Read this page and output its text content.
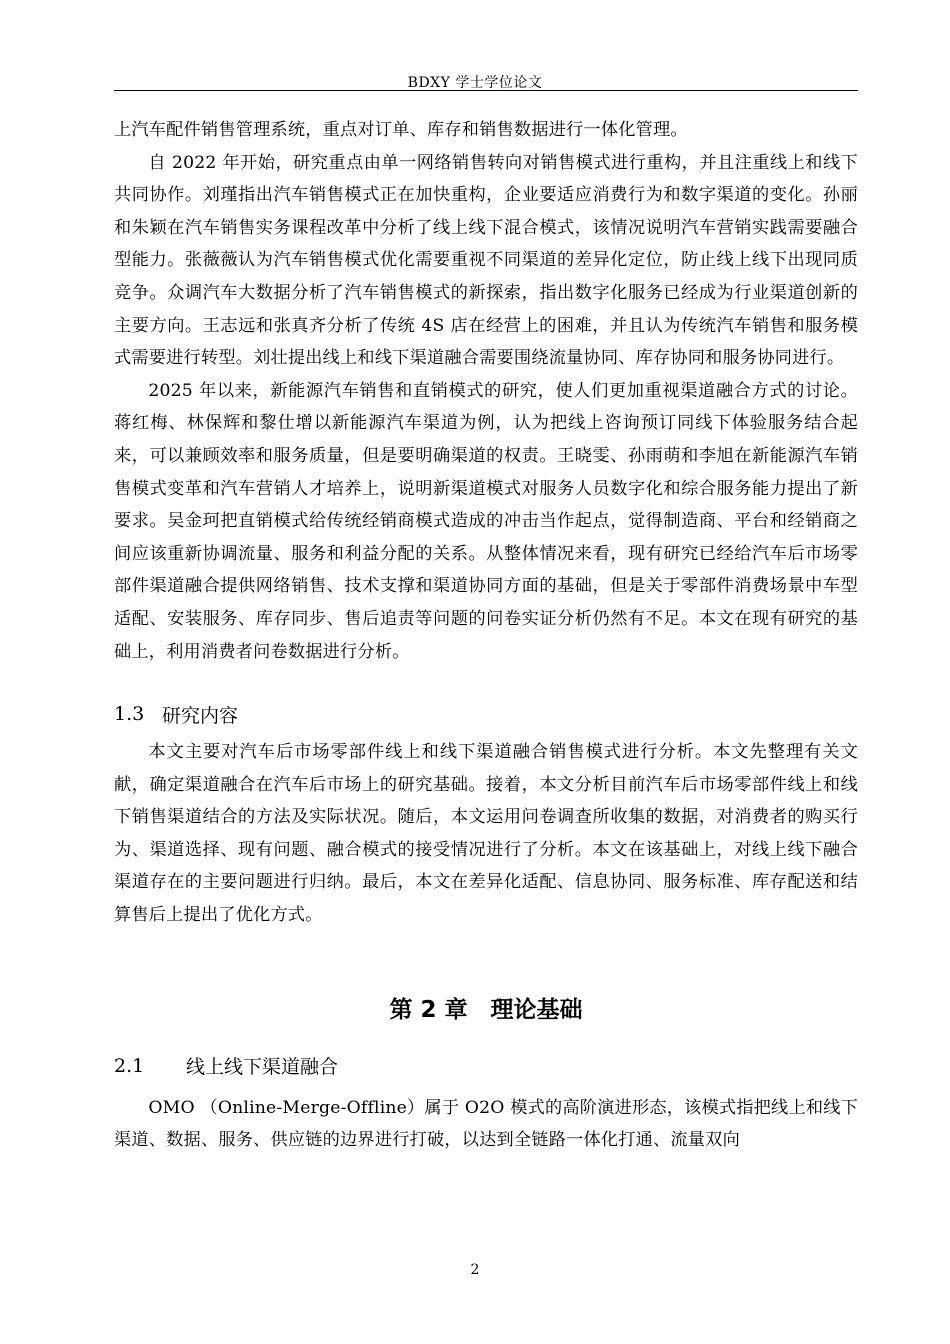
BDXY 学士学位论文

上汽车配件销售管理系统，重点对订单、库存和销售数据进行一体化管理。

自 2022 年开始，研究重点由单一网络销售转向对销售模式进行重构，并且注重线上和线下共同协作。刘瑾指出汽车销售模式正在加快重构，企业要适应消费行为和数字渠道的变化。孙丽和朱颖在汽车销售实务课程改革中分析了线上线下混合模式，该情况说明汽车营销实践需要融合型能力。张薇薇认为汽车销售模式优化需要重视不同渠道的差异化定位，防止线上线下出现同质竞争。众调汽车大数据分析了汽车销售模式的新探索，指出数字化服务已经成为行业渠道创新的主要方向。王志远和张真齐分析了传统 4S 店在经营上的困难，并且认为传统汽车销售和服务模式需要进行转型。刘壮提出线上和线下渠道融合需要围绕流量协同、库存协同和服务协同进行。

2025 年以来，新能源汽车销售和直销模式的研究，使人们更加重视渠道融合方式的讨论。蒋红梅、林保辉和黎仕增以新能源汽车渠道为例，认为把线上咨询预订同线下体验服务结合起来，可以兼顾效率和服务质量，但是要明确渠道的权责。王晓雯、孙雨萌和李旭在新能源汽车销售模式变革和汽车营销人才培养上，说明新渠道模式对服务人员数字化和综合服务能力提出了新要求。吴金珂把直销模式给传统经销商模式造成的冲击当作起点，觉得制造商、平台和经销商之间应该重新协调流量、服务和利益分配的关系。从整体情况来看，现有研究已经给汽车后市场零部件渠道融合提供网络销售、技术支撑和渠道协同方面的基础，但是关于零部件消费场景中车型适配、安装服务、库存同步、售后追责等问题的问卷实证分析仍然有不足。本文在现有研究的基础上，利用消费者问卷数据进行分析。

1.3 研究内容

本文主要对汽车后市场零部件线上和线下渠道融合销售模式进行分析。本文先整理有关文献，确定渠道融合在汽车后市场上的研究基础。接着，本文分析目前汽车后市场零部件线上和线下销售渠道结合的方法及实际状况。随后，本文运用问卷调查所收集的数据，对消费者的购买行为、渠道选择、现有问题、融合模式的接受情况进行了分析。本文在该基础上，对线上线下融合渠道存在的主要问题进行归纳。最后，本文在差异化适配、信息协同、服务标准、库存配送和结算售后上提出了优化方式。

第 2 章　理论基础
2.1	线上线下渠道融合

OMO （Online-Merge-Offline）属于 O2O 模式的高阶演进形态，该模式指把线上和线下渠道、数据、服务、供应链的边界进行打破，以达到全链路一体化打通、流量双向

2
